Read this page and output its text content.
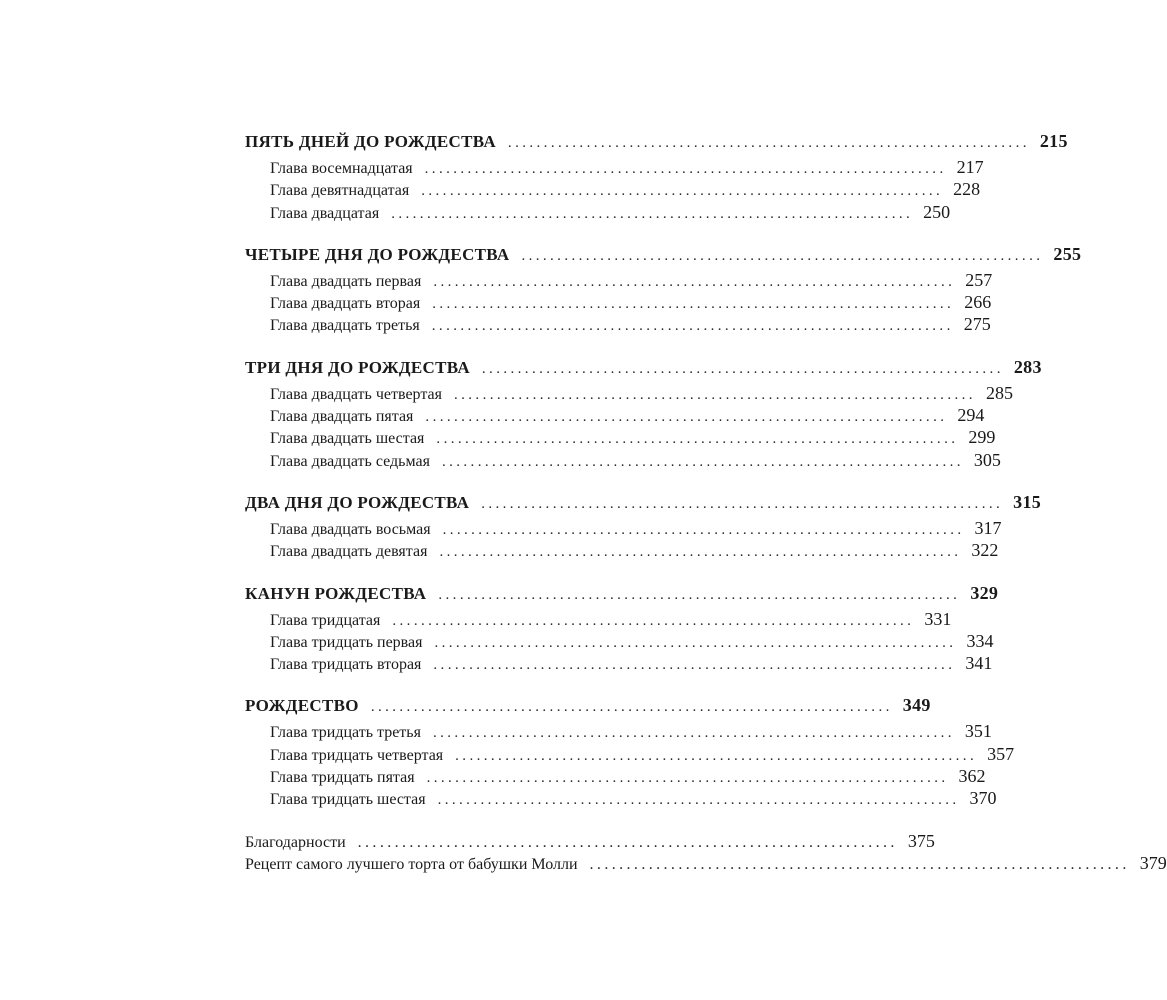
ПЯТЬ ДНЕЙ ДО РОЖДЕСТВА ......................................................................... 215
Глава восемнадцатая ......................................................................... 217
Глава девятнадцатая ......................................................................... 228
Глава двадцатая ......................................................................... 250
ЧЕТЫРЕ ДНЯ ДО РОЖДЕСТВА ......................................................................... 255
Глава двадцать первая ......................................................................... 257
Глава двадцать вторая ......................................................................... 266
Глава двадцать третья ......................................................................... 275
ТРИ ДНЯ ДО РОЖДЕСТВА ......................................................................... 283
Глава двадцать четвертая ......................................................................... 285
Глава двадцать пятая ......................................................................... 294
Глава двадцать шестая ......................................................................... 299
Глава двадцать седьмая ......................................................................... 305
ДВА ДНЯ ДО РОЖДЕСТВА ......................................................................... 315
Глава двадцать восьмая ......................................................................... 317
Глава двадцать девятая ......................................................................... 322
КАНУН РОЖДЕСТВА ......................................................................... 329
Глава тридцатая ......................................................................... 331
Глава тридцать первая ......................................................................... 334
Глава тридцать вторая ......................................................................... 341
РОЖДЕСТВО ......................................................................... 349
Глава тридцать третья ......................................................................... 351
Глава тридцать четвертая ......................................................................... 357
Глава тридцать пятая ......................................................................... 362
Глава тридцать шестая ......................................................................... 370
Благодарности ......................................................................... 375
Рецепт самого лучшего торта от бабушки Молли ......................................................................... 379
